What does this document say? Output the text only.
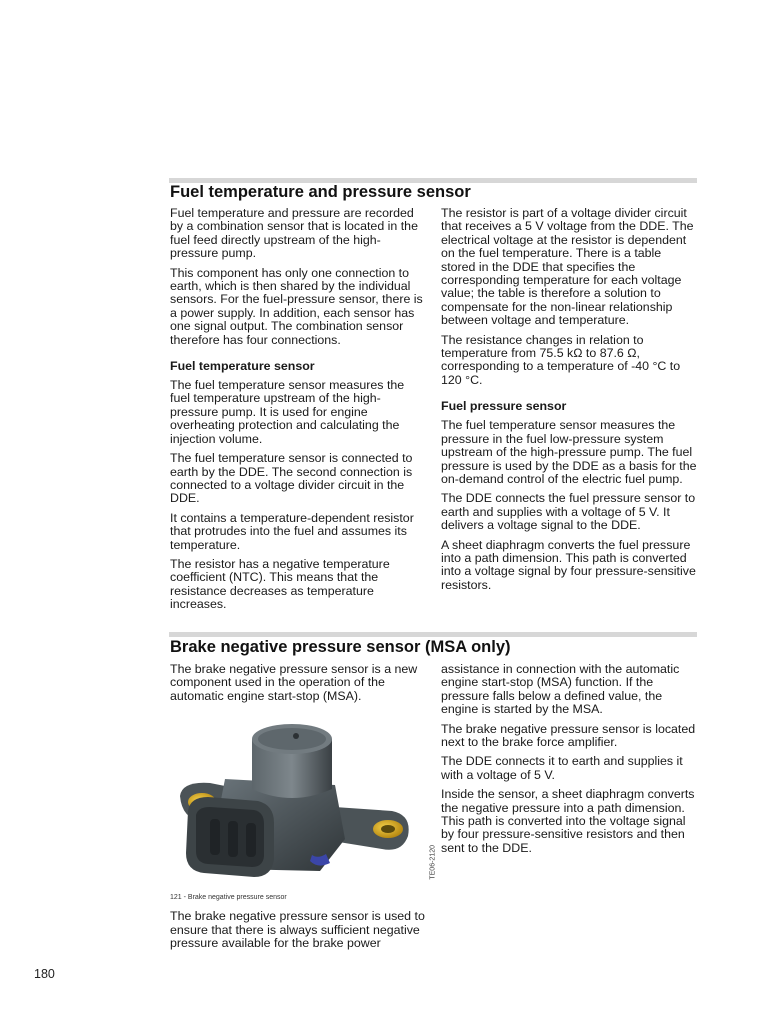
Fuel temperature and pressure sensor

Fuel temperature and pressure are recorded by a combination sensor that is located in the fuel feed directly upstream of the high-pressure pump.

This component has only one connection to earth, which is then shared by the individual sensors. For the fuel-pressure sensor, there is a power supply. In addition, each sensor has one signal output. The combination sensor therefore has four connections.

Fuel temperature sensor

The fuel temperature sensor measures the fuel temperature upstream of the high-pressure pump. It is used for engine overheating protection and calculating the injection volume.

The fuel temperature sensor is connected to earth by the DDE. The second connection is connected to a voltage divider circuit in the DDE.

It contains a temperature-dependent resistor that protrudes into the fuel and assumes its temperature.

The resistor has a negative temperature coefficient (NTC). This means that the resistance decreases as temperature increases.

The resistor is part of a voltage divider circuit that receives a 5 V voltage from the DDE. The electrical voltage at the resistor is dependent on the fuel temperature. There is a table stored in the DDE that specifies the corresponding temperature for each voltage value; the table is therefore a solution to compensate for the non-linear relationship between voltage and temperature.

The resistance changes in relation to temperature from 75.5 kΩ to 87.6 Ω, corresponding to a temperature of -40 °C to 120 °C.

Fuel pressure sensor

The fuel temperature sensor measures the pressure in the fuel low-pressure system upstream of the high-pressure pump. The fuel pressure is used by the DDE as a basis for the on-demand control of the electric fuel pump.

The DDE connects the fuel pressure sensor to earth and supplies with a voltage of 5 V. It delivers a voltage signal to the DDE.

A sheet diaphragm converts the fuel pressure into a path dimension. This path is converted into a voltage signal by four pressure-sensitive resistors.

Brake negative pressure sensor (MSA only)

The brake negative pressure sensor is a new component used in the operation of the automatic engine start-stop (MSA).

TE06-2120
121 - Brake negative pressure sensor

The brake negative pressure sensor is used to ensure that there is always sufficient negative pressure available for the brake power

assistance in connection with the automatic engine start-stop (MSA) function. If the pressure falls below a defined value, the engine is started by the MSA.

The brake negative pressure sensor is located next to the brake force amplifier.

The DDE connects it to earth and supplies it with a voltage of 5 V.

Inside the sensor, a sheet diaphragm converts the negative pressure into a path dimension. This path is converted into the voltage signal by four pressure-sensitive resistors and then sent to the DDE.

180
